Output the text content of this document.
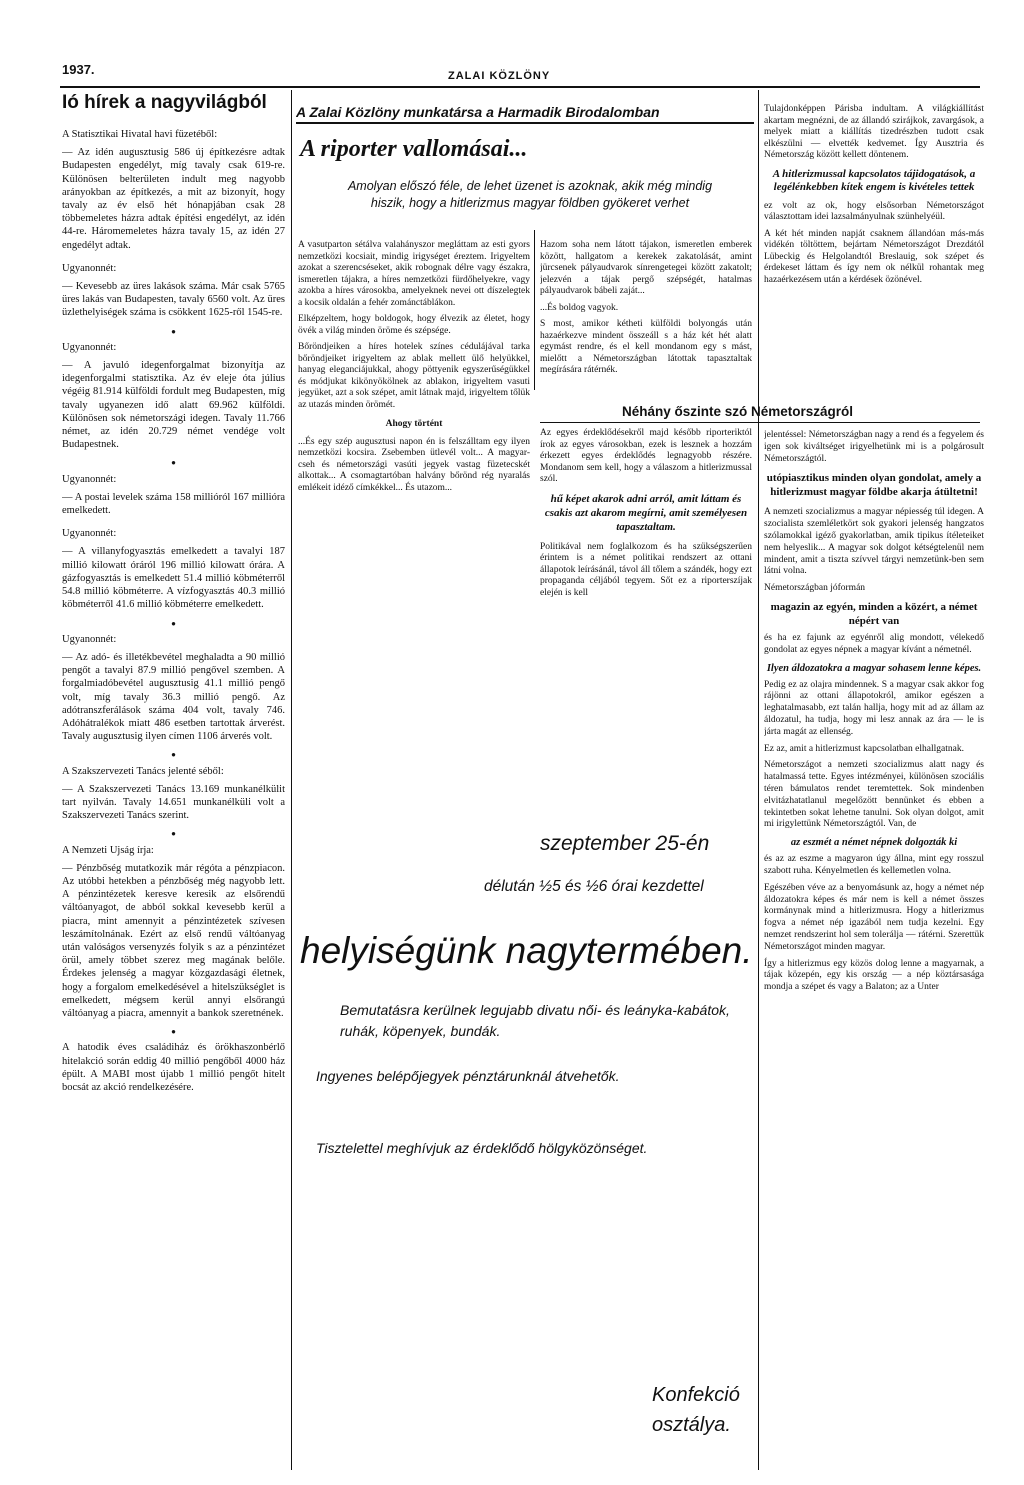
1937.	ZALAI KÖZLÖNY
Ió hírek a nagyvilágból

A Statisztikai Hivatal havi füzetéből:

— Az idén augusztusig 586 új építkezésre adtak Budapesten engedélyt, míg tavaly csak 619-re. Különösen belterületen indult meg nagyobb arányokban az építkezés, a mit az bizonyít, hogy tavaly az év első hét hónapjában csak 28 többemeletes házra adtak építési engedélyt, az idén 44-re. Háromemeletes házra tavaly 15, az idén 27 engedélyt adtak.

Ugyanonnét:

— Kevesebb az üres lakások száma. Már csak 5765 üres lakás van Budapesten, tavaly 6560 volt. Az üres üzlethelyiségek száma is csökkent 1625-ről 1545-re.

●

Ugyanonnét:

— A javuló idegenforgalmat bizonyítja az idegenforgalmi statisztika. Az év eleje óta július végéig 81.914 külföldi fordult meg Budapesten, míg tavaly ugyanezen idő alatt 69.962 külföldi. Különösen sok németországi idegen. Tavaly 11.766 német, az idén 20.729 német vendége volt Budapestnek.

●

Ugyanonnét:

— A postai levelek száma 158 millióról 167 millióra emelkedett.

Ugyanonnét:

— A villanyfogyasztás emelkedett a tavalyi 187 millió kilowatt óráról 196 millió kilowatt órára. A gázfogyasztás is emelkedett 51.4 millió köbméterről 54.8 millió köbméterre. A vízfogyasztás 40.3 millió köbméterről 41.6 millió köbméterre emelkedett.

●

Ugyanonnét:

— Az adó- és illetékbevétel meghaladta a 90 millió pengőt a tavalyi 87.9 millió pengővel szemben. A forgalmiadóbevétel augusztusig 41.1 millió pengő volt, míg tavaly 36.3 millió pengő. Az adótranszferálások száma 404 volt, tavaly 746. Adóhátralékok miatt 486 esetben tartottak árverést. Tavaly augusztusig ilyen címen 1106 árverés volt.

●

A Szakszervezeti Tanács jelenté séből:

— A Szakszervezeti Tanács 13.169 munkanélkülit tart nyilván. Tavaly 14.651 munkanélküli volt a Szakszervezeti Tanács szerint.

●

A Nemzeti Ujság írja:

— Pénzbőség mutatkozik már régóta a pénzpiacon. Az utóbbi hetekben a pénzbőség még nagyobb lett. A pénzintézetek keresve keresik az elsőrendű váltóanyagot, de abból sokkal kevesebb kerül a piacra, mint amennyit a pénzintézetek szívesen leszámítolnának. Ezért az első rendű váltóanyag után valóságos versenyzés folyik s az a pénzintézet örül, amely többet szerez meg magának belőle. Érdekes jelenség a magyar közgazdasági életnek, hogy a forgalom emelkedésével a hitelszükséglet is emelkedett, mégsem kerül annyi elsőrangú váltóanyag a piacra, amennyit a bankok szeretnének.

●

A hatodik éves családiház és örökhaszonbérlő hitelakció során eddig 40 millió pengőből 4000 ház épült. A MABI most újabb 1 millió pengőt hitelt bocsát az akció rendelkezésére.

A Zalai Közlöny munkatársa a Harmadik Birodalomban
A riporter vallomásai...
Amolyan előszó féle, de lehet üzenet is azoknak, akik még mindig hiszik, hogy a hitlerizmus magyar földben gyökeret verhet

A vasutparton sétálva valahányszor megláttam az esti gyors nemzetközi kocsiait, mindig irigységet éreztem. Irigyeltem azokat a szerencséseket, akik robognak délre vagy északra, ismeretlen tájakra, a híres nemzetközi fürdőhelyekre, vagy azokba a híres városokba, amelyeknek nevei ott díszelegtek a kocsik oldalán a fehér zománctáblákon.

Elképzeltem, hogy boldogok, hogy élvezik az életet, hogy övék a világ minden öröme és szépsége.

Bőröndjeiken a híres hotelek színes cédulájával tarka bőröndjeiket irigyeltem az ablak mellett ülő helyükkel, hanyag eleganciájukkal, ahogy pöttyenik egyszerűségükkel és módjukat kikönyökölnek az ablakon, irigyeltem vasuti jegyüket, azt a sok szépet, amit látnak majd, irigyeltem tőlük az utazás minden örömét.

Ahogy történt

...És egy szép augusztusi napon én is felszálltam egy ilyen nemzetközi kocsira. Zsebemben ütlevél volt... A magyar-cseh és németországi vasúti jegyek vastag füzetecskét alkottak... A csomagtartóban halvány bőrönd rég nyaralás emlékeit idéző címkékkel... És utazom...

Hazom soha nem látott tájakon, ismeretlen emberek között, hallgatom a kerekek zakatolását, amint jürcsenek pályaudvarok sínrengetegei között zakatolt; jelezvén a tájak pergő szépségét, hatalmas pályaudvarok bábeli zaját...

...És boldog vagyok.

S most, amikor kétheti külföldi bolyongás után hazaérkezve mindent összeáll s a ház két hét alatt egymást rendre, és el kell mondanom egy s mást, mielőtt a Németországban látottak tapasztaltak megírására rátérnék.

Néhány őszinte szó Németországról

Az egyes érdeklődésekről majd később riporteriktól írok az egyes városokban, ezek is lesznek a hozzám érkezett egyes érdeklődés legnagyobb részére. Mondanom sem kell, hogy a válaszom a hitlerizmussal szól.

hű képet akarok adni arról, amit láttam és csakis azt akarom megírni, amit személyesen tapasztaltam.

Politikával nem foglalkozom és ha szükségszerűen érintem is a német politikai rendszert az ottani állapotok leírásánál, távol áll tőlem a szándék, hogy ezt propaganda céljából tegyem. Sőt ez a riporterszíjak elején is kell

Tulajdonképpen Párisba indultam. A világkiállítást akartam megnézni, de az állandó szirájkok, zavargások, a melyek miatt a kiállítás tizedrészben tudott csak elkészülni — elvették kedvemet. Így Ausztria és Németország között kellett döntenem.

A hitlerizmussal kapcsolatos tájidogatások, a legélénkebben kítek engem is kivételes tettek

ez volt az ok, hogy elsősorban Németországot választottam idei lazsalmányulnak szünhelyéül.

A két hét minden napját csaknem állandóan más-más vidékén töltöttem, bejártam Németországot Drezdától Lübeckig és Helgolandtól Breslauig, sok szépet és érdekeset láttam és így nem ok nélkül rohantak meg hazaérkezésem után a kérdések özönével.

jelentéssel: Németországban nagy a rend és a fegyelem és igen sok kiváltséget irigyelhetünk mi is a polgárosult Németországtól.

utópiasztikus minden olyan gondolat, amely a hitlerizmust magyar földbe akarja átültetni!

A nemzeti szocializmus a magyar népiesség túl idegen. A szocialista szemléletkört sok gyakori jelenség hangzatos szólamokkal igéző gyakorlatban, amik tipikus ítéleteiket nem helyeslik... A magyar sok dolgot kétségtelenül nem mindent, amit a tiszta szívvel tárgyi nemzetünk-ben sem látni volna.

Németországban jóformán

magazin az egyén, minden a közért, a német népért van

és ha ez fajunk az egyénről alig mondott, vélekedő gondolat az egyes népnek a magyar kívánt a németnél.

Ilyen áldozatokra a magyar sohasem lenne képes.

Pedig ez az olajra mindennek. S a magyar csak akkor fog rájönni az ottani állapotokról, amikor egészen a leghatalmasabb, ezt talán hallja, hogy mit ad az állam az áldozatul, ha tudja, hogy mi lesz annak az ára — le is járta magát az ellenség.

Ez az, amit a hitlerizmust kapcsolatban elhallgatnak.

Németországot a nemzeti szocializmus alatt nagy és hatalmassá tette. Egyes intézményei, különösen szociális téren bámulatos rendet teremtettek. Sok mindenben elvitázhatatlanul megelőzött bennünket és ebben a tekintetben sokat lehetne tanulni. Sok olyan dolgot, amit mi irigylettünk Németországtól. Van, de

az eszmét a német népnek dolgozták ki

és az az eszme a magyaron úgy állna, mint egy rosszul szabott ruha. Kényelmetlen és kellemetlen volna.

Egészében véve az a benyomásunk az, hogy a német nép áldozatokra képes és már nem is kell a német összes kormánynak mind a hitlerizmusra. Hogy a hitlerizmus fogva a német nép igazából nem tudja kezelni. Egy nemzet rendszerint hol sem tolerálja — rátérni. Szerettük Németországot minden magyar.

Így a hitlerizmus egy közös dolog lenne a magyarnak, a tájak közepén, egy kis ország — a nép köztársasága mondja a szépet és vagy a Balaton; az a Unter

szeptember 25-én
délután ½5 és ½6 órai kezdettel
helyiségünk nagytermében.
Bemutatásra kerülnek legujabb divatu női- és leányka-kabátok, ruhák, köpenyek, bundák.
Ingyenes belépőjegyek pénztárunknál átvehetők.
Tisztelettel meghívjuk az érdeklődő hölgyközönséget.
Konfekció
osztálya.
